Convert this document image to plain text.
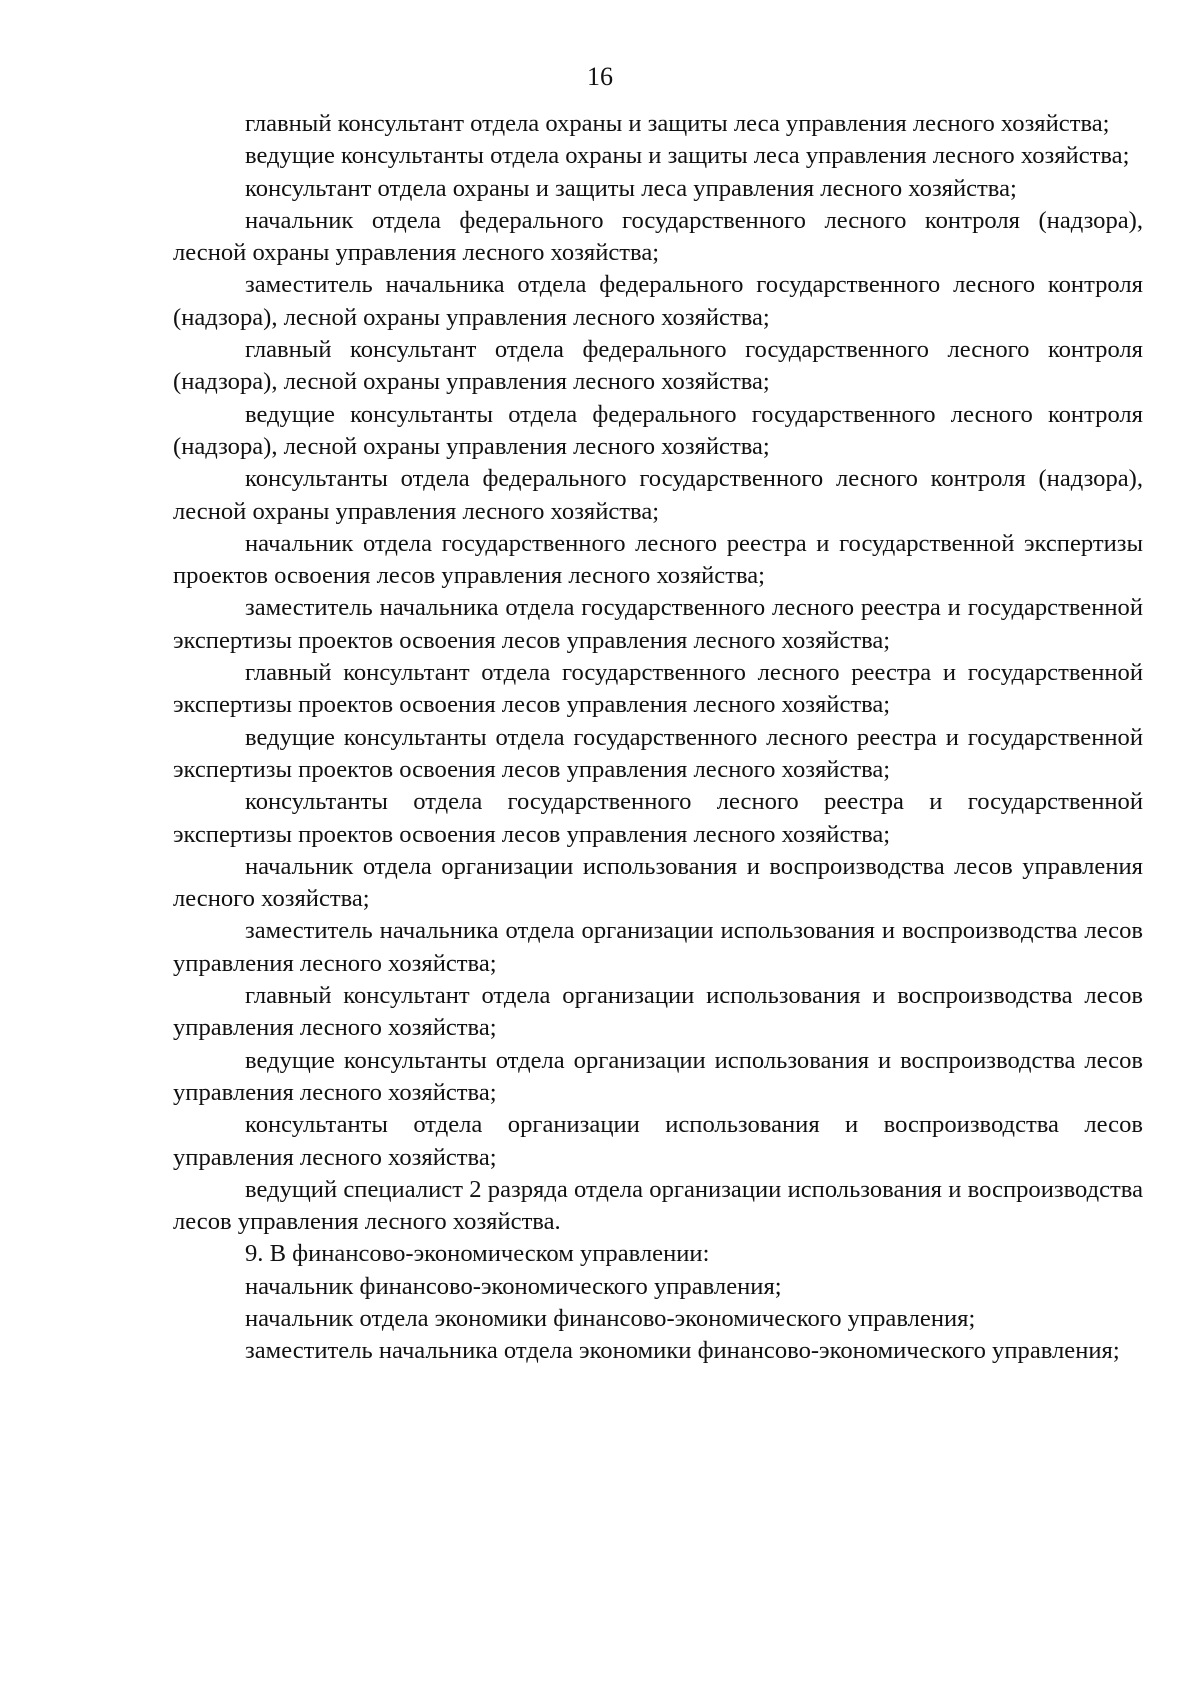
16

главный консультант отдела охраны и защиты леса управления лесного хозяйства;

ведущие консультанты отдела охраны и защиты леса управления лесного хозяйства;

консультант отдела охраны и защиты леса управления лесного хозяйства;

начальник отдела федерального государственного лесного контроля (надзора), лесной охраны управления лесного хозяйства;

заместитель начальника отдела федерального государственного лесного контроля (надзора), лесной охраны управления лесного хозяйства;

главный консультант отдела федерального государственного лесного контроля (надзора), лесной охраны управления лесного хозяйства;

ведущие консультанты отдела федерального государственного лесного контроля (надзора), лесной охраны управления лесного хозяйства;

консультанты отдела федерального государственного лесного контроля (надзора), лесной охраны управления лесного хозяйства;

начальник отдела государственного лесного реестра и государственной экспертизы проектов освоения лесов управления лесного хозяйства;

заместитель начальника отдела государственного лесного реестра и государственной экспертизы проектов освоения лесов управления лесного хозяйства;

главный консультант отдела государственного лесного реестра и государственной экспертизы проектов освоения лесов управления лесного хозяйства;

ведущие консультанты отдела государственного лесного реестра и государственной экспертизы проектов освоения лесов управления лесного хозяйства;

консультанты отдела государственного лесного реестра и государственной экспертизы проектов освоения лесов управления лесного хозяйства;

начальник отдела организации использования и воспроизводства лесов управления лесного хозяйства;

заместитель начальника отдела организации использования и воспроизводства лесов управления лесного хозяйства;

главный консультант отдела организации использования и воспроизводства лесов управления лесного хозяйства;

ведущие консультанты отдела организации использования и воспроизводства лесов управления лесного хозяйства;

консультанты отдела организации использования и воспроизводства лесов управления лесного хозяйства;

ведущий специалист 2 разряда отдела организации использования и воспроизводства лесов управления лесного хозяйства.

9. В финансово-экономическом управлении:

начальник финансово-экономического управления;

начальник отдела экономики финансово-экономического управления;

заместитель начальника отдела экономики финансово-экономического управления;
